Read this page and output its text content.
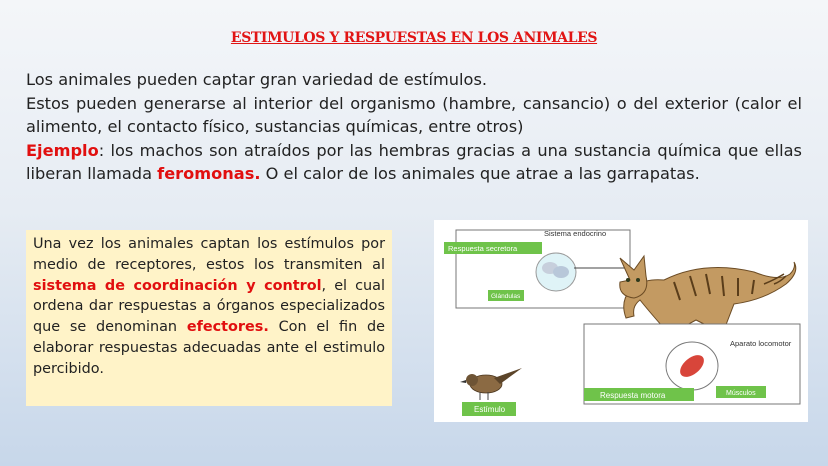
ESTIMULOS Y RESPUESTAS EN LOS ANIMALES
Los animales pueden captar gran variedad de estímulos.
Estos pueden generarse al interior del organismo (hambre, cansancio) o del exterior (calor el alimento, el contacto físico, sustancias químicas, entre otros)
Ejemplo: los machos son atraídos por las hembras gracias a una sustancia química que ellas liberan llamada feromonas. O el calor de los animales que atrae a las garrapatas.
Una vez los animales captan los estímulos por medio de receptores, estos los transmiten al sistema de coordinación y control, el cual ordena dar respuestas a órganos especializados que se denominan efectores. Con el fin de elaborar respuestas adecuadas ante el estimulo percibido.
Sistema endocrino
Respuesta secretora
Glándulas
Aparato locomotor
Músculos
Respuesta motora
Estímulo
